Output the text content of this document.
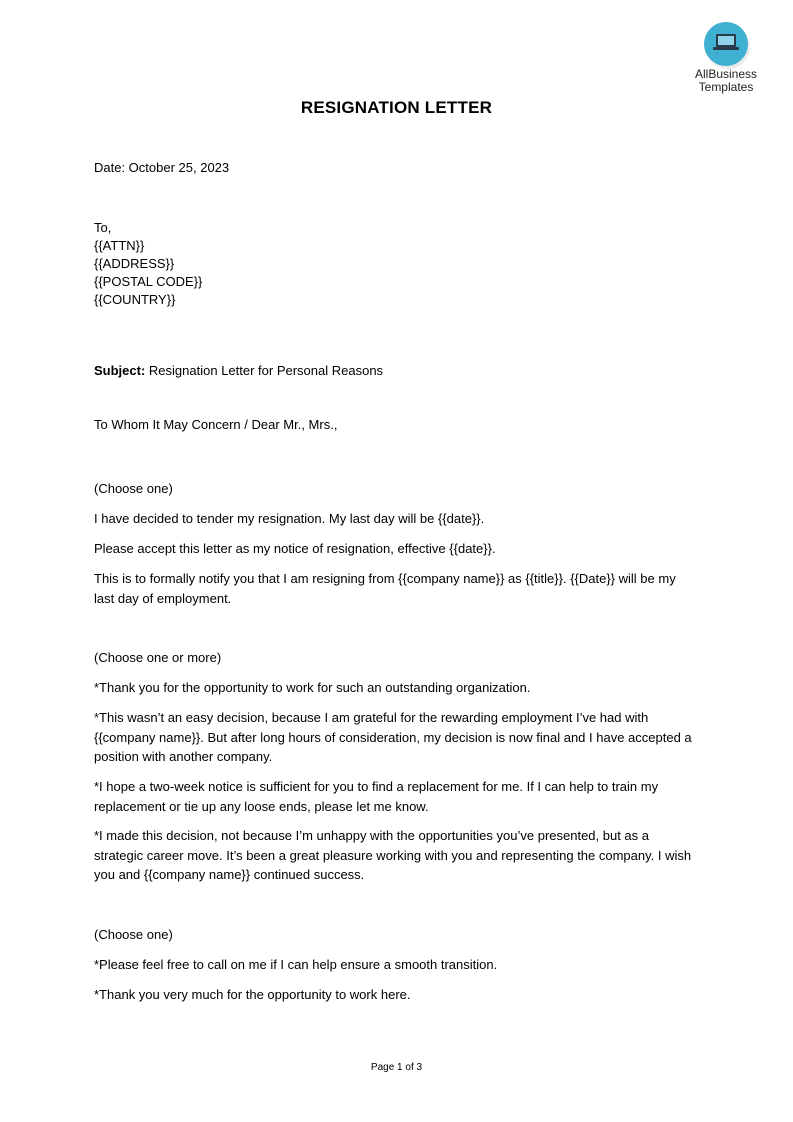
AllBusiness
Templates
RESIGNATION LETTER

Date: October 25, 2023

To,

{{ATTN}}

{{ADDRESS}}

{{POSTAL CODE}}

{{COUNTRY}}

Subject: Resignation Letter for Personal Reasons

To Whom It May Concern / Dear Mr., Mrs.,

(Choose one)

I have decided to tender my resignation. My last day will be {{date}}.

Please accept this letter as my notice of resignation, effective {{date}}.

This is to formally notify you that I am resigning from {{company name}} as {{title}}. {{Date}} will be my last day of employment.

(Choose one or more)

*Thank you for the opportunity to work for such an outstanding organization.

*This wasn’t an easy decision, because I am grateful for the rewarding employment I’ve had with {{company name}}. But after long hours of consideration, my decision is now final and I have accepted a position with another company.

*I hope a two-week notice is sufficient for you to find a replacement for me. If I can help to train my replacement or tie up any loose ends, please let me know.

*I made this decision, not because I’m unhappy with the opportunities you’ve presented, but as a strategic career move. It’s been a great pleasure working with you and representing the company. I wish you and {{company name}} continued success.

(Choose one)

*Please feel free to call on me if I can help ensure a smooth transition.

*Thank you very much for the opportunity to work here.

Page 1 of 3
